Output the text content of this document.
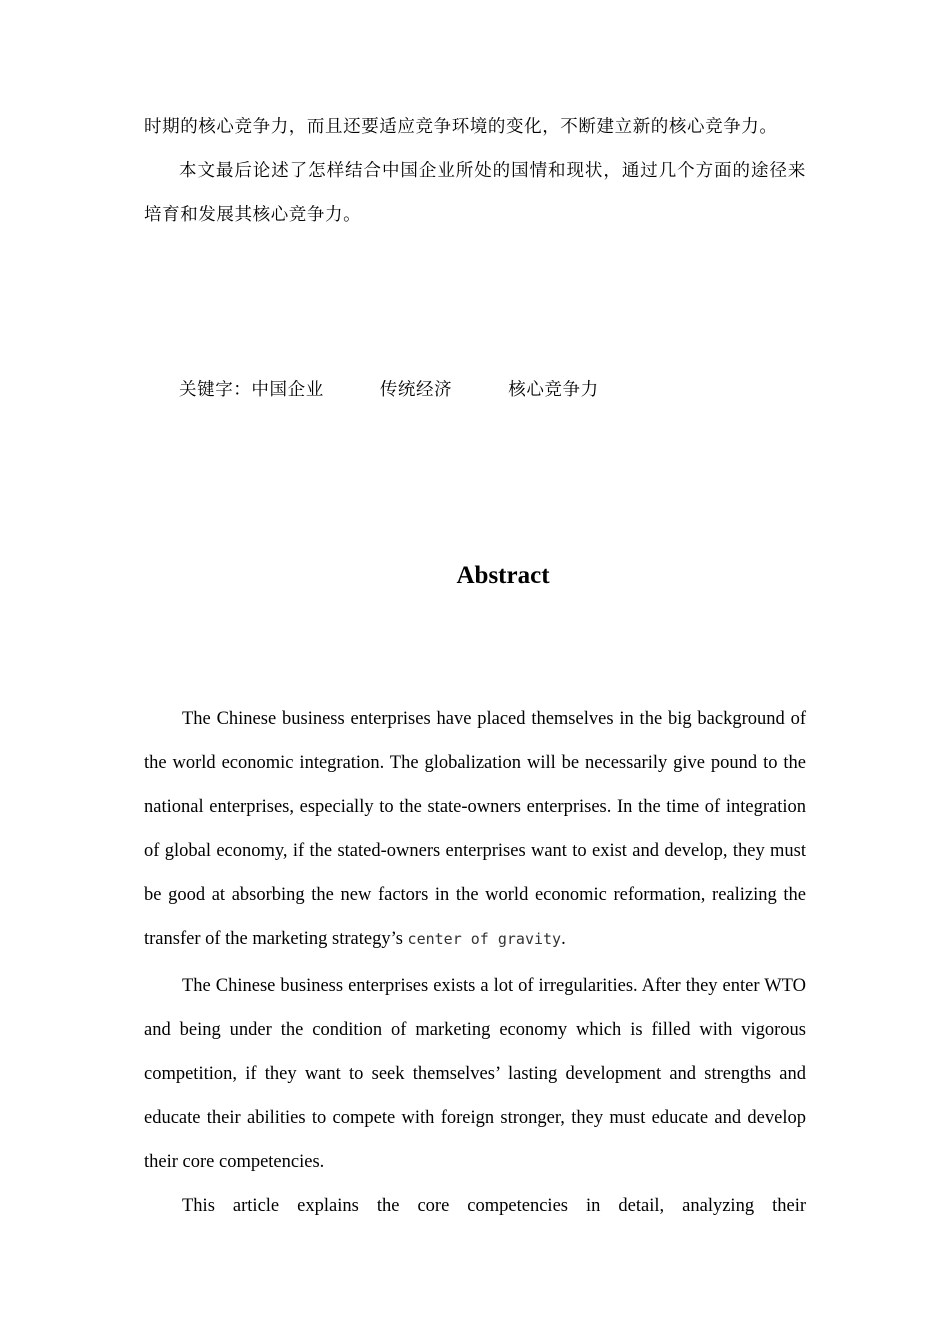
时期的核心竞争力，而且还要适应竞争环境的变化，不断建立新的核心竞争力。
本文最后论述了怎样结合中国企业所处的国情和现状，通过几个方面的途径来培育和发展其核心竞争力。
关键字：中国企业	传统经济	核心竞争力
Abstract

The Chinese business enterprises have placed themselves in the big background of the world economic integration. The globalization will be necessarily give pound to the national enterprises, especially to the state-owners enterprises. In the time of integration of global economy, if the stated-owners enterprises want to exist and develop, they must be good at absorbing the new factors in the world economic reformation, realizing the transfer of the marketing strategy’s center of gravity.

The Chinese business enterprises exists a lot of irregularities. After they enter WTO and being under the condition of marketing economy which is filled with vigorous competition, if they want to seek themselves’ lasting development and strengths and educate their abilities to compete with foreign stronger, they must educate and develop their core competencies.

This article explains the core competencies in detail, analyzing their
